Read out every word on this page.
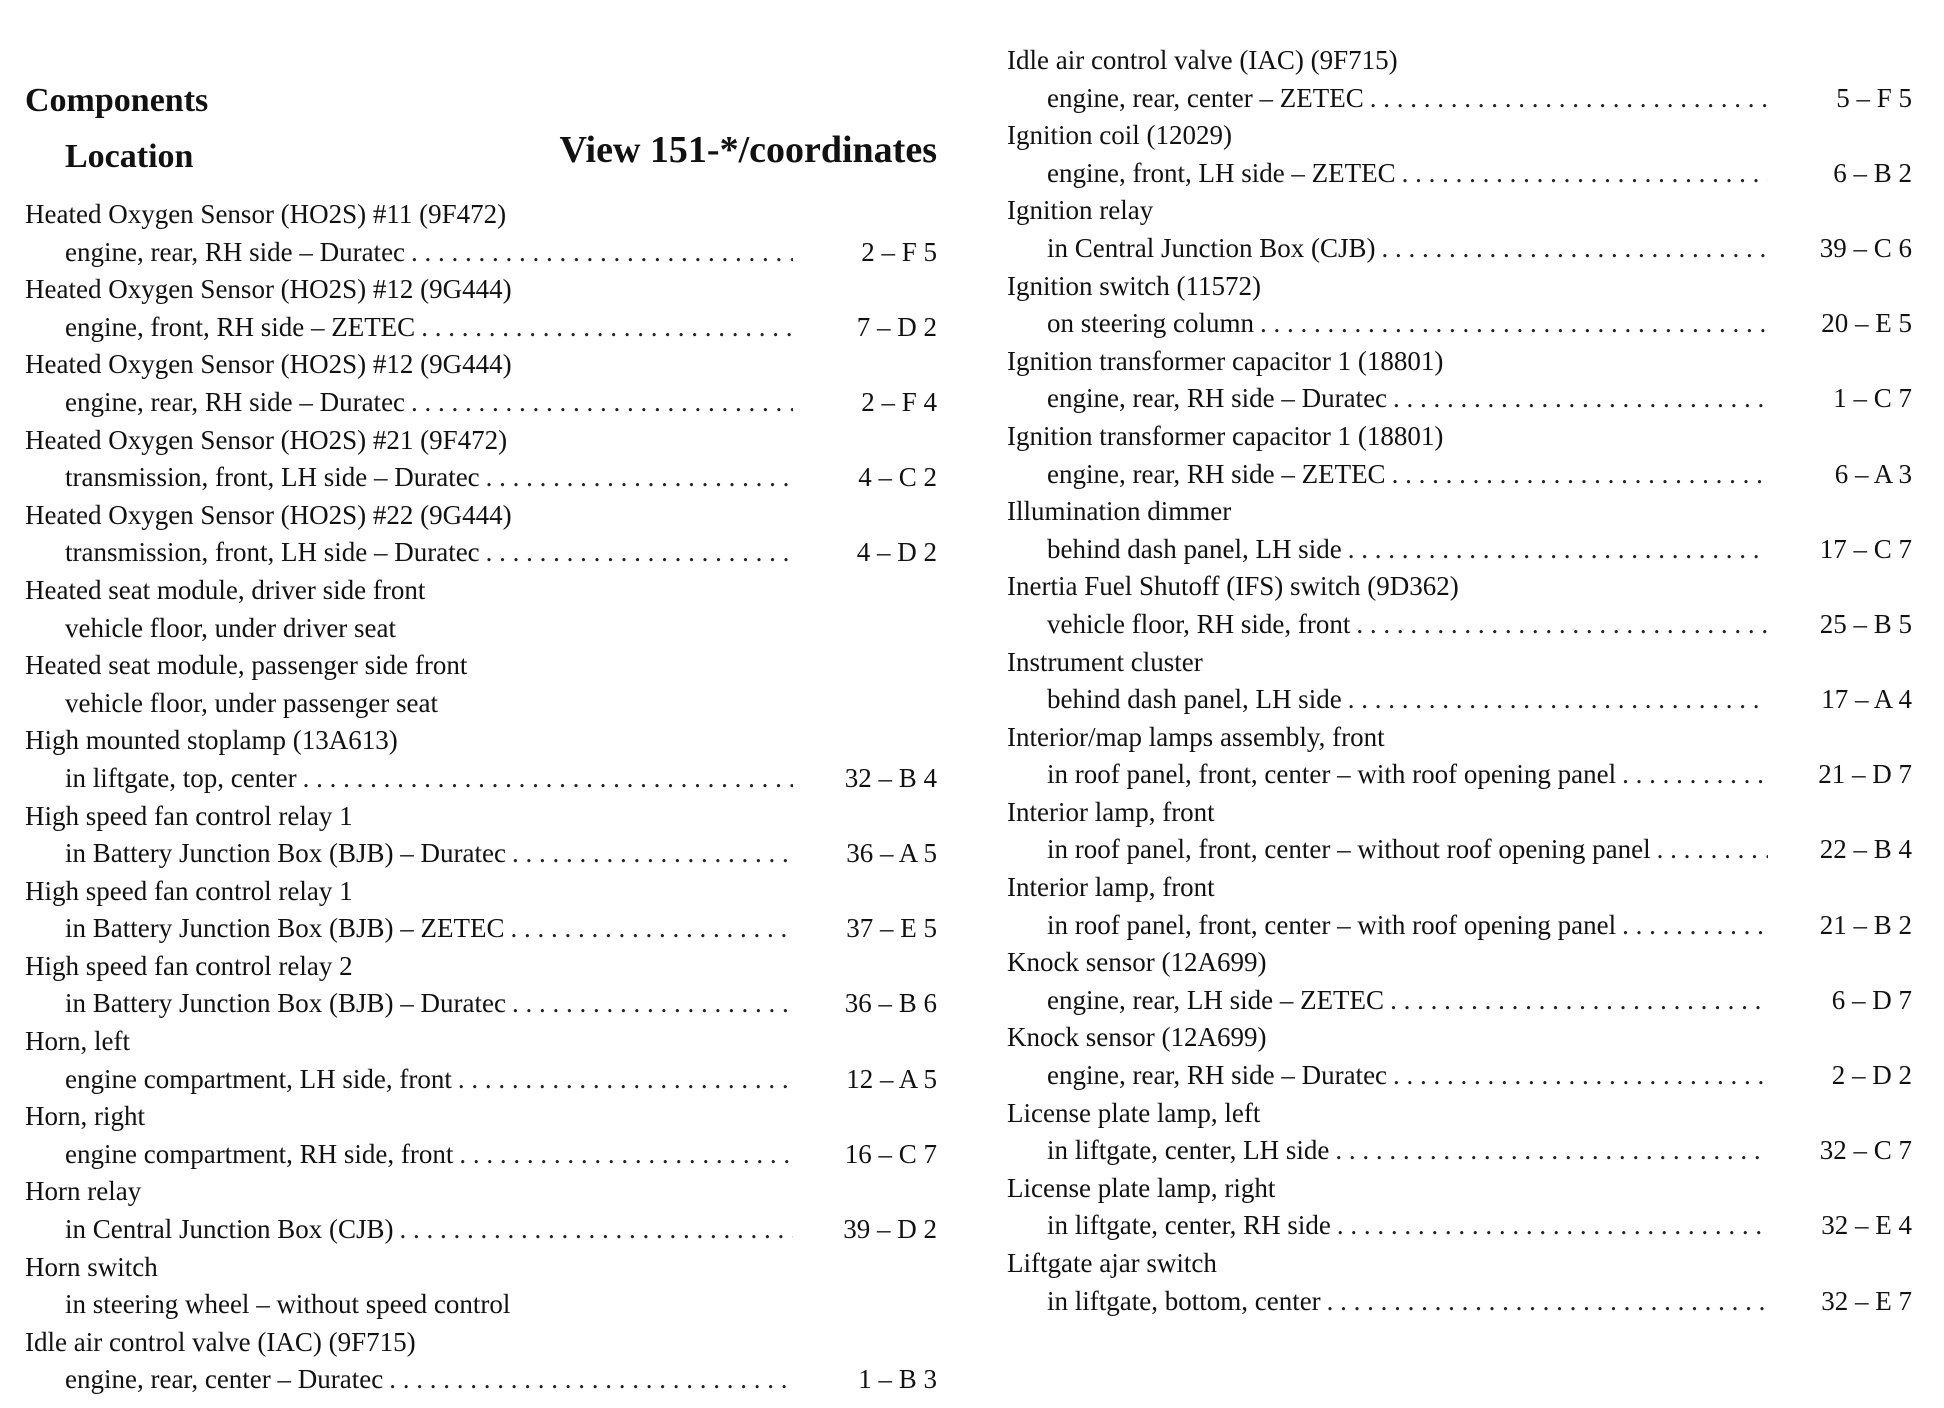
Components
Location	View 151-*/coordinates
Heated Oxygen Sensor (HO2S) #11 (9F472)
engine, rear, RH side – Duratec . . .	2 – F 5
Heated Oxygen Sensor (HO2S) #12 (9G444)
engine, front, RH side – ZETEC . . .	7 – D 2
Heated Oxygen Sensor (HO2S) #12 (9G444)
engine, rear, RH side – Duratec . . .	2 – F 4
Heated Oxygen Sensor (HO2S) #21 (9F472)
transmission, front, LH side – Duratec . . .	4 – C 2
Heated Oxygen Sensor (HO2S) #22 (9G444)
transmission, front, LH side – Duratec . . .	4 – D 2
Heated seat module, driver side front
vehicle floor, under driver seat
Heated seat module, passenger side front
vehicle floor, under passenger seat
High mounted stoplamp (13A613)
in liftgate, top, center . . .	32 – B 4
High speed fan control relay 1
in Battery Junction Box (BJB) – Duratec . . .	36 – A 5
High speed fan control relay 1
in Battery Junction Box (BJB) – ZETEC . . .	37 – E 5
High speed fan control relay 2
in Battery Junction Box (BJB) – Duratec . . .	36 – B 6
Horn, left
engine compartment, LH side, front . . .	12 – A 5
Horn, right
engine compartment, RH side, front . . .	16 – C 7
Horn relay
in Central Junction Box (CJB) . . .	39 – D 2
Horn switch
in steering wheel – without speed control
Idle air control valve (IAC) (9F715)
engine, rear, center – Duratec . . .	1 – B 3
Idle air control valve (IAC) (9F715)
engine, rear, center – ZETEC . . .	5 – F 5
Ignition coil (12029)
engine, front, LH side – ZETEC . . .	6 – B 2
Ignition relay
in Central Junction Box (CJB) . . .	39 – C 6
Ignition switch (11572)
on steering column . . .	20 – E 5
Ignition transformer capacitor 1 (18801)
engine, rear, RH side – Duratec . . .	1 – C 7
Ignition transformer capacitor 1 (18801)
engine, rear, RH side – ZETEC . . .	6 – A 3
Illumination dimmer
behind dash panel, LH side . . .	17 – C 7
Inertia Fuel Shutoff (IFS) switch (9D362)
vehicle floor, RH side, front . . .	25 – B 5
Instrument cluster
behind dash panel, LH side . . .	17 – A 4
Interior/map lamps assembly, front
in roof panel, front, center – with roof opening panel . . .	21 – D 7
Interior lamp, front
in roof panel, front, center – without roof opening panel . . .	22 – B 4
Interior lamp, front
in roof panel, front, center – with roof opening panel . . .	21 – B 2
Knock sensor (12A699)
engine, rear, LH side – ZETEC . . .	6 – D 7
Knock sensor (12A699)
engine, rear, RH side – Duratec . . .	2 – D 2
License plate lamp, left
in liftgate, center, LH side . . .	32 – C 7
License plate lamp, right
in liftgate, center, RH side . . .	32 – E 4
Liftgate ajar switch
in liftgate, bottom, center . . .	32 – E 7
